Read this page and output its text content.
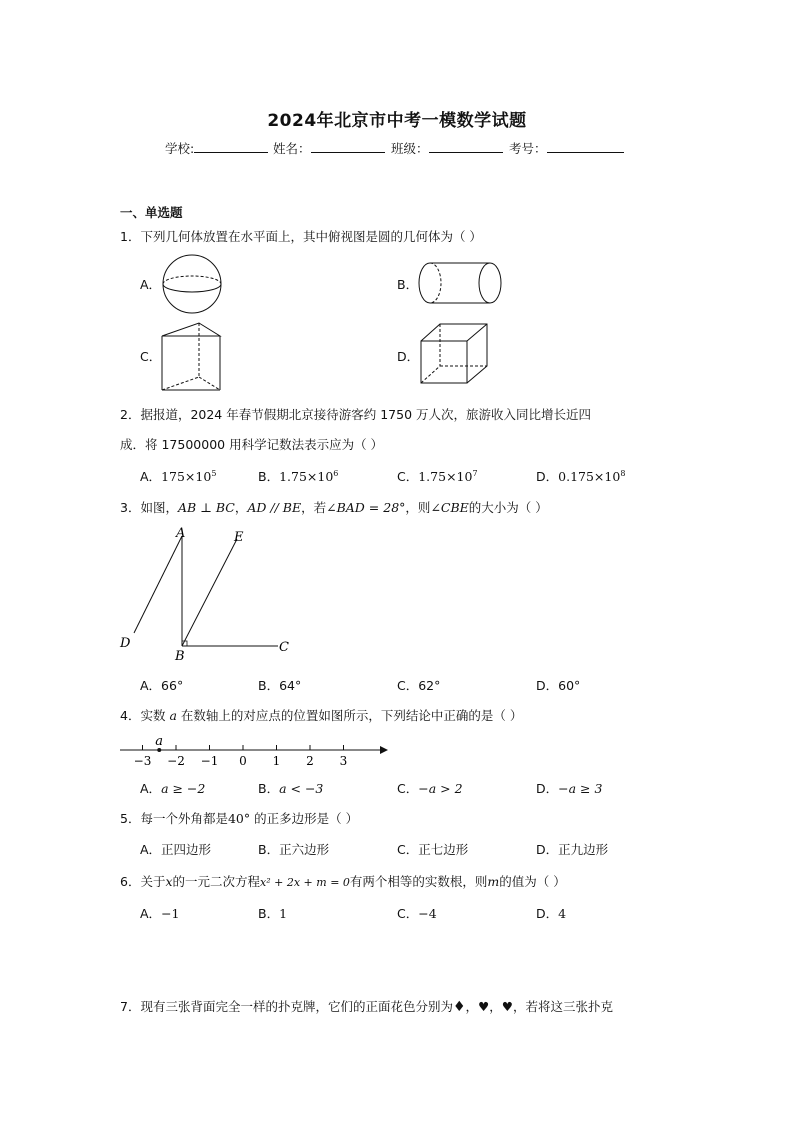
2024年北京市中考一模数学试题
学校:	姓名：	班级：	考号：
一、单选题
1．下列几何体放置在水平面上，其中俯视图是圆的几何体为（ ）
A．	B．
C．	D．
2．据报道，2024 年春节假期北京接待游客约 1750 万人次，旅游收入同比增长近四
成．将 17500000 用科学记数法表示应为（ ）
A．$175\times 10^5$	B．$1.75\times 10^6$	C．$1.75\times 10^7$	D．$0.175\times 10^8$
3．如图，AB ⊥ BC，AD // BE，若∠BAD = 28°，则∠CBE的大小为（ ）
A	E
D
B
C
A．66°	B．64°	C．62°	D．60°
4．实数 a 在数轴上的对应点的位置如图所示，下列结论中正确的是（ ）
−3 −2 −1 0 1 2 3
a
A．a ≥ −2	B．a < −3	C．−a > 2	D．−a ≥ 3
5．每一个外角都是40° 的正多边形是（ ）
A．正四边形	B．正六边形	C．正七边形	D．正九边形
6．关于x的一元二次方程x² + 2x + m = 0有两个相等的实数根，则m的值为（ ）
A．−1	B．1	C．−4	D．4
7．现有三张背面完全一样的扑克牌，它们的正面花色分别为♦，♥，♥，若将这三张扑克
